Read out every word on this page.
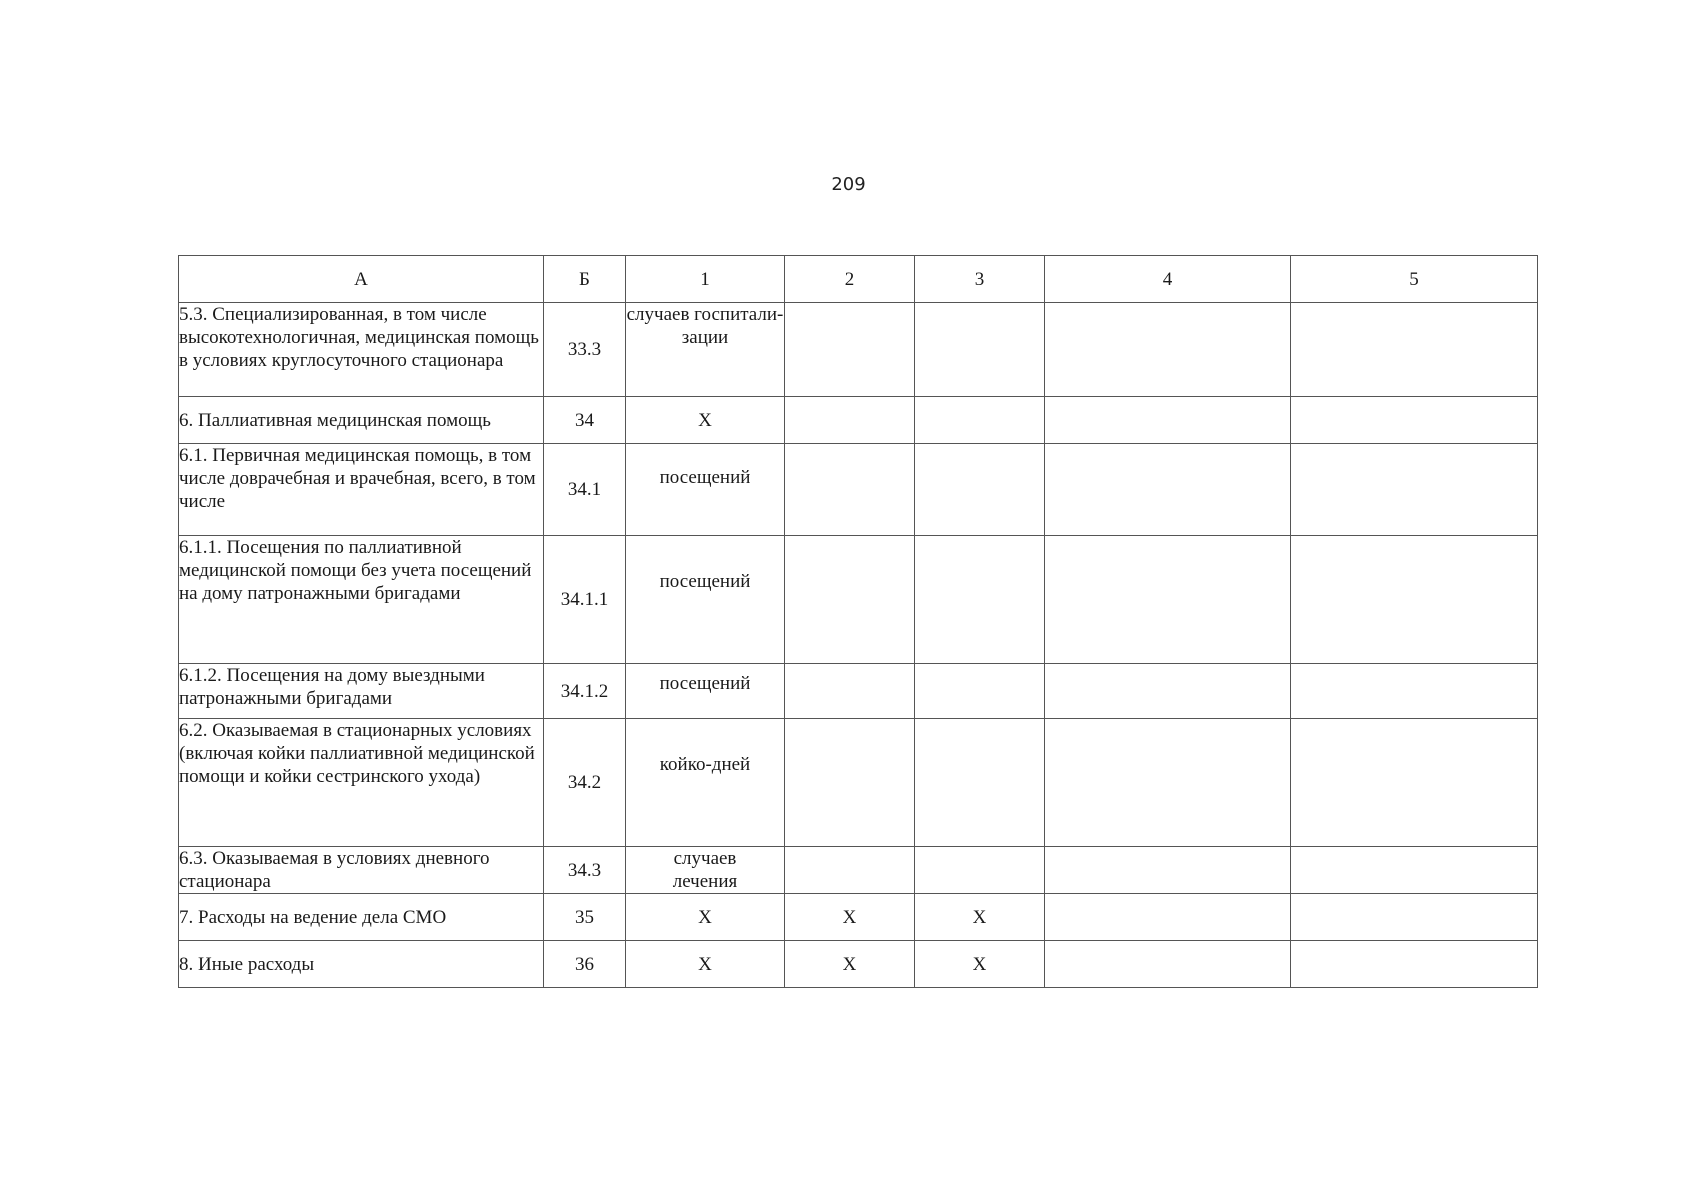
209
А	Б	1	2	3	4	5
5.3. Специализированная, в том числе высокотехнологичная, медицинская помощь в условиях круглосуточного стационара	33.3	случаев госпитали-зации				
6. Паллиативная медицинская помощь	34	Х				
6.1. Первичная медицинская помощь, в том числе доврачебная и врачебная, всего, в том числе	34.1	посещений				
6.1.1. Посещения по паллиативной медицинской помощи без учета посещений на дому патронажными бригадами	34.1.1	посещений				
6.1.2. Посещения на дому выездными патронажными бригадами	34.1.2	посещений				
6.2. Оказываемая в стационарных условиях (включая койки паллиативной медицинской помощи и койки сестринского ухода)	34.2	койко-дней				
6.3. Оказываемая в условиях дневного стационара	34.3	случаев лечения				
7. Расходы на ведение дела СМО	35	Х	Х	Х		
8. Иные расходы	36	Х	Х	Х		
